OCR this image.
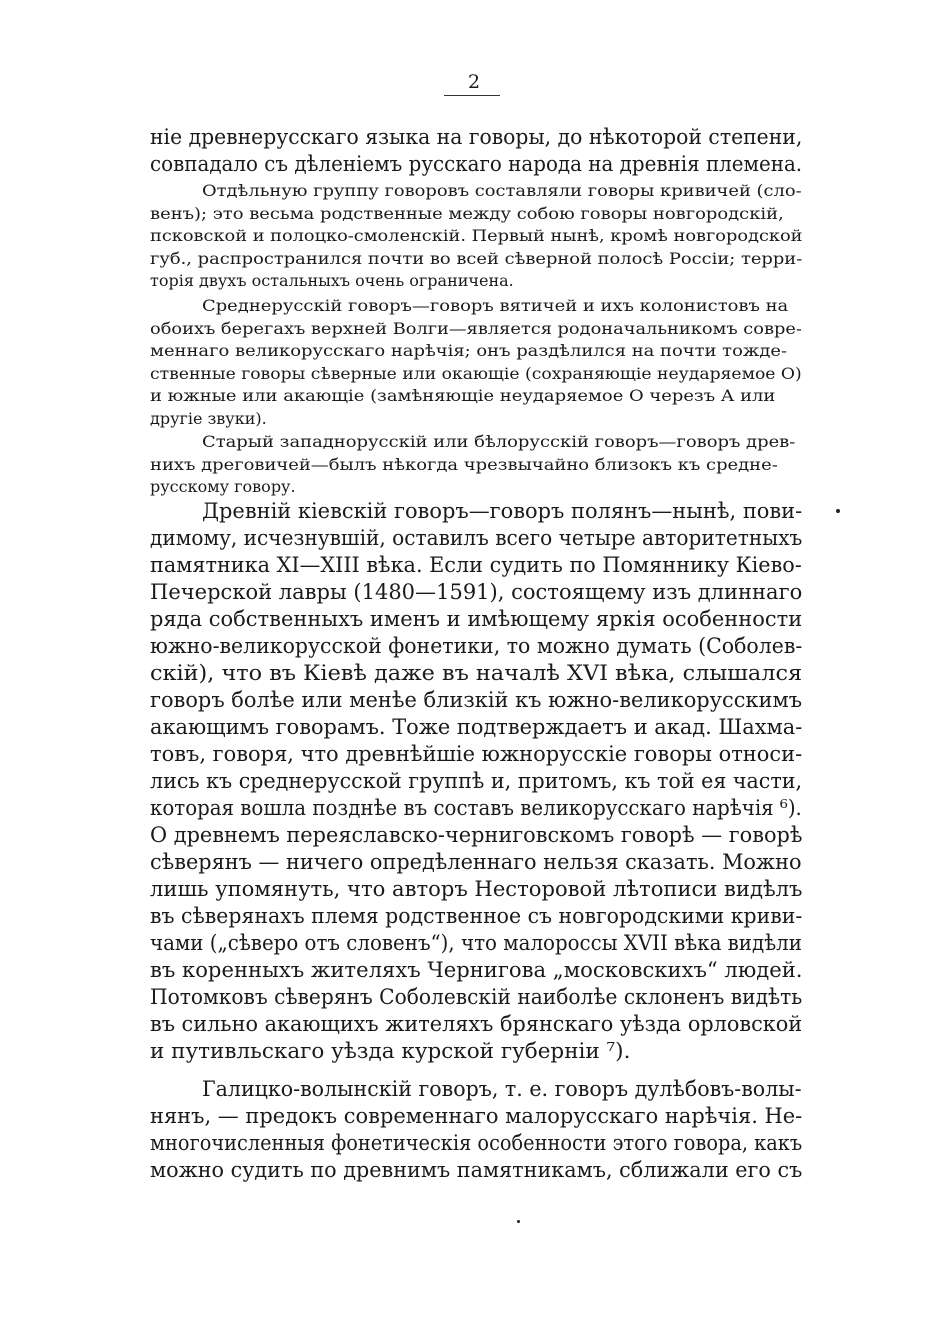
2
ніе древнерусскаго языка на говоры, до нѣкоторой степени,
совпадало съ дѣленіемъ русскаго народа на древнія племена.
Отдѣльную группу говоровъ составляли говоры кривичей (сло-
венъ); это весьма родственные между собою говоры новгородскій,
псковской и полоцко-смоленскій. Первый нынѣ, кромѣ новгородской
губ., распространился почти во всей сѣверной полосѣ Россіи; терри-
торія двухъ остальныхъ очень ограничена.
Среднерусскій говоръ—говоръ вятичей и ихъ колонистовъ на
обоихъ берегахъ верхней Волги—является родоначальникомъ совре-
меннаго великорусскаго нарѣчія; онъ раздѣлился на почти тожде-
ственные говоры сѣверные или окающіе (сохраняющіе неударяемое О)
и южные или акающіе (замѣняющіе неударяемое О черезъ А или
другіе звуки).
Старый западнорусскій или бѣлорусскій говоръ—говоръ древ-
нихъ дреговичей—былъ нѣкогда чрезвычайно близокъ къ средне-
русскому говору.
Древній кіевскій говоръ—говоръ полянъ—нынѣ, пови-
димому, исчезнувшій, оставилъ всего четыре авторитетныхъ
памятника XI—XIII вѣка. Если судить по Помяннику Кіево-
Печерской лавры (1480—1591), состоящему изъ длиннаго
ряда собственныхъ именъ и имѣющему яркія особенности
южно-великорусской фонетики, то можно думать (Соболев-
скій), что въ Кіевѣ даже въ началѣ XVI вѣка, слышался
говоръ болѣе или менѣе близкій къ южно-великорусскимъ
акающимъ говорамъ. Тоже подтверждаетъ и акад. Шахма-
товъ, говоря, что древнѣйшіе южнорусскіе говоры относи-
лись къ среднерусской группѣ и, притомъ, къ той ея части,
которая вошла позднѣе въ составъ великорусскаго нарѣчія ⁶).
О древнемъ переяславско-черниговскомъ говорѣ — говорѣ
сѣверянъ — ничего опредѣленнаго нельзя сказать. Можно
лишь упомянуть, что авторъ Несторовой лѣтописи видѣлъ
въ сѣверянахъ племя родственное съ новгородскими криви-
чами („сѣверо отъ словенъ“), что малороссы XVII вѣка видѣли
въ коренныхъ жителяхъ Чернигова „московскихъ“ людей.
Потомковъ сѣверянъ Соболевскій наиболѣе склоненъ видѣть
въ сильно акающихъ жителяхъ брянскаго уѣзда орловской
и путивльскаго уѣзда курской губерніи ⁷).
Галицко-волынскій говоръ, т. е. говоръ дулѣбовъ-волы-
нянъ, — предокъ современнаго малорусскаго нарѣчія. Не-
многочисленныя фонетическія особенности этого говора, какъ
можно судить по древнимъ памятникамъ, сближали его съ
